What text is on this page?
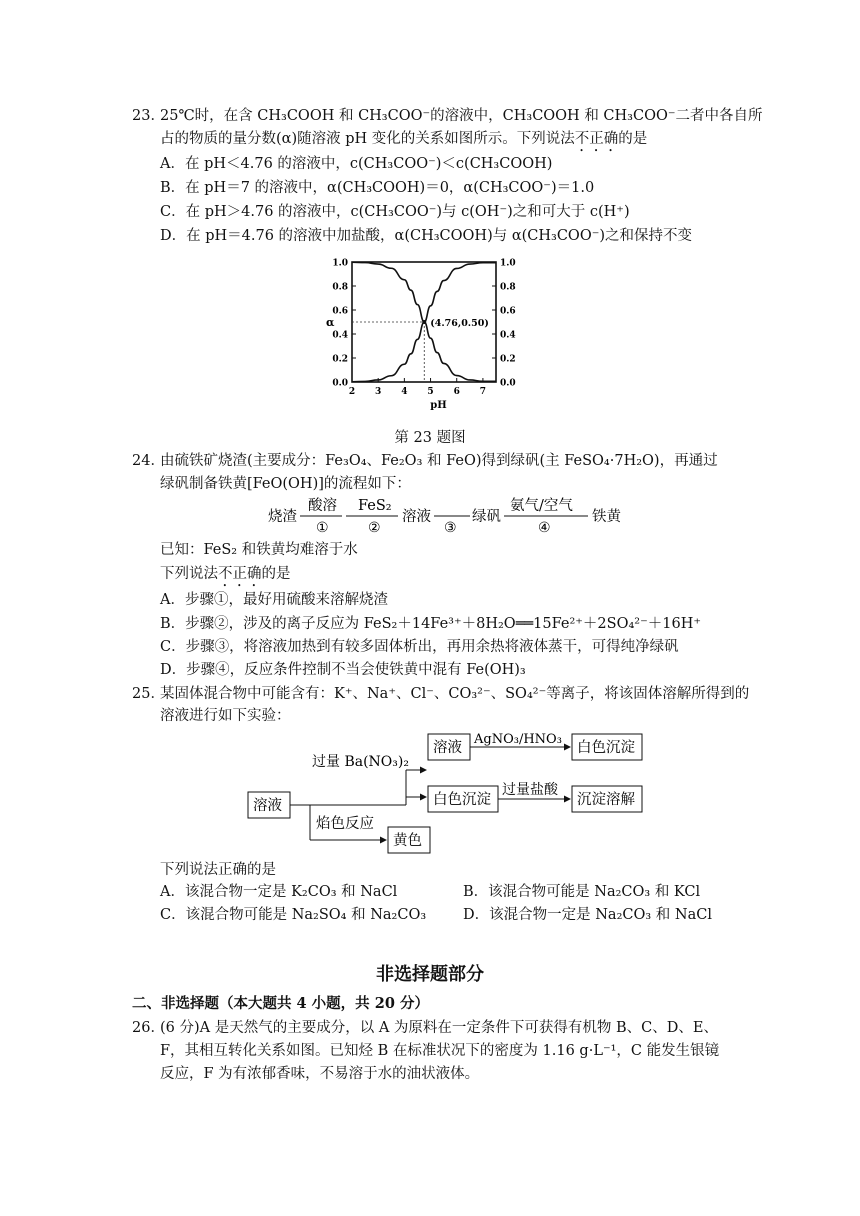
23．
25℃时，在含 CH₃COOH 和 CH₃COO⁻的溶液中，CH₃COOH 和 CH₃COO⁻二者中各自所
占的物质的量分数(α)随溶液 pH 变化的关系如图所示。下列说法不正确的是
A．在 pH＜4.76 的溶液中，c(CH₃COO⁻)＜c(CH₃COOH)
B．在 pH＝7 的溶液中，α(CH₃COOH)＝0，α(CH₃COO⁻)＝1.0
C．在 pH＞4.76 的溶液中，c(CH₃COO⁻)与 c(OH⁻)之和可大于 c(H⁺)
D．在 pH＝4.76 的溶液中加盐酸，α(CH₃COOH)与 α(CH₃COO⁻)之和保持不变
0.0	0.0
0.2	0.2
0.4	0.4
0.6	0.6
0.8	0.8
1.0	1.0
2 3 4 5 6 7
pH
α	(4.76,0.50)
第 23 题图
24．
由硫铁矿烧渣(主要成分：Fe₃O₄、Fe₂O₃ 和 FeO)得到绿矾(主 FeSO₄·7H₂O)，再通过
绿矾制备铁黄[FeO(OH)]的流程如下：
烧渣
酸溶
①
FeS₂
②
溶液
③
绿矾
氨气/空气
④
铁黄
已知：FeS₂ 和铁黄均难溶于水
下列说法不正确的是
A．步骤①，最好用硫酸来溶解烧渣
B．步骤②，涉及的离子反应为 FeS₂＋14Fe³⁺＋8H₂O══15Fe²⁺＋2SO₄²⁻＋16H⁺
C．步骤③，将溶液加热到有较多固体析出，再用余热将液体蒸干，可得纯净绿矾
D．步骤④，反应条件控制不当会使铁黄中混有 Fe(OH)₃
25．
某固体混合物中可能含有：K⁺、Na⁺、Cl⁻、CO₃²⁻、SO₄²⁻等离子，将该固体溶解所得到的
溶液进行如下实验：
溶液
过量 Ba(NO₃)₂
溶液
AgNO₃/HNO₃
白色沉淀
白色沉淀
过量盐酸
沉淀溶解
焰色反应
黄色
下列说法正确的是
A．该混合物一定是 K₂CO₃ 和 NaCl	B．该混合物可能是 Na₂CO₃ 和 KCl
C．该混合物可能是 Na₂SO₄ 和 Na₂CO₃	D．该混合物一定是 Na₂CO₃ 和 NaCl
非选择题部分
二、非选择题（本大题共 4 小题，共 20 分）
26．
(6 分)A 是天然气的主要成分，以 A 为原料在一定条件下可获得有机物 B、C、D、E、
F，其相互转化关系如图。已知烃 B 在标准状况下的密度为 1.16 g·L⁻¹，C 能发生银镜
反应，F 为有浓郁香味，不易溶于水的油状液体。
